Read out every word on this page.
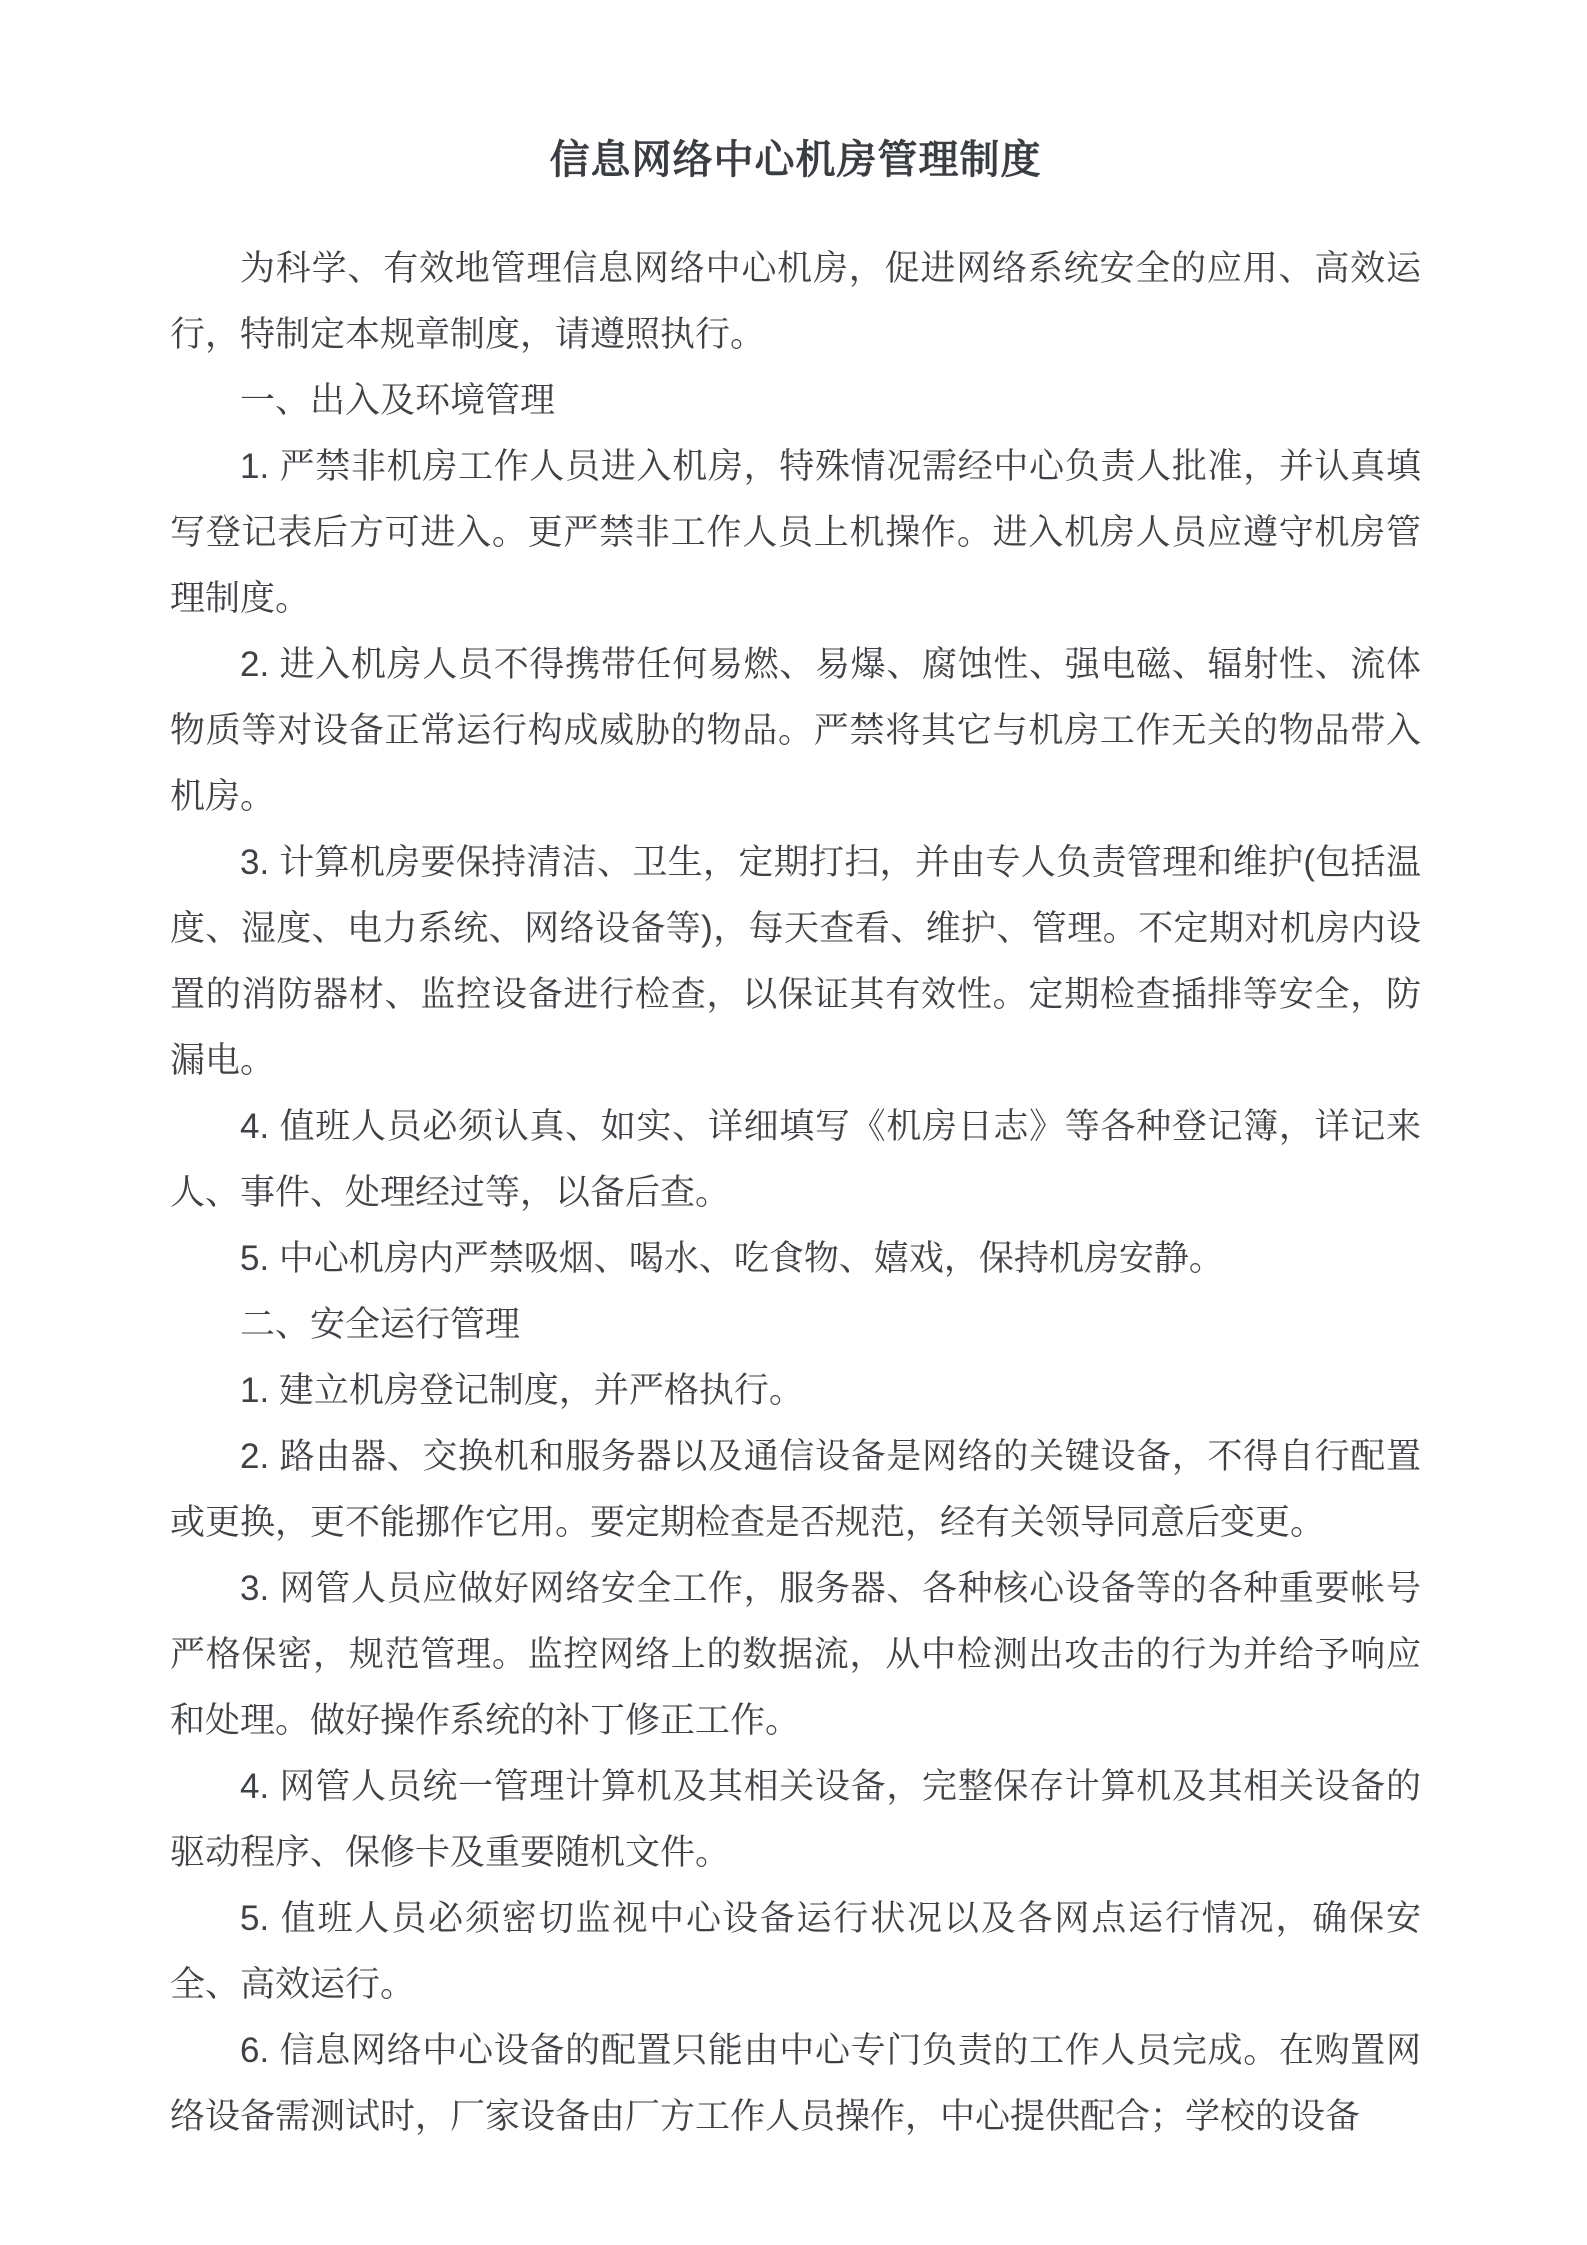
信息网络中心机房管理制度

为科学、有效地管理信息网络中心机房，促进网络系统安全的应用、高效运行，特制定本规章制度，请遵照执行。

一、出入及环境管理

1. 严禁非机房工作人员进入机房，特殊情况需经中心负责人批准，并认真填写登记表后方可进入。更严禁非工作人员上机操作。进入机房人员应遵守机房管理制度。

2. 进入机房人员不得携带任何易燃、易爆、腐蚀性、强电磁、辐射性、流体物质等对设备正常运行构成威胁的物品。严禁将其它与机房工作无关的物品带入机房。

3. 计算机房要保持清洁、卫生，定期打扫，并由专人负责管理和维护(包括温度、湿度、电力系统、网络设备等)，每天查看、维护、管理。不定期对机房内设置的消防器材、监控设备进行检查，以保证其有效性。定期检查插排等安全，防漏电。

4. 值班人员必须认真、如实、详细填写《机房日志》等各种登记簿，详记来人、事件、处理经过等，以备后查。

5. 中心机房内严禁吸烟、喝水、吃食物、嬉戏，保持机房安静。

二、安全运行管理

1. 建立机房登记制度，并严格执行。

2. 路由器、交换机和服务器以及通信设备是网络的关键设备，不得自行配置或更换，更不能挪作它用。要定期检查是否规范，经有关领导同意后变更。

3. 网管人员应做好网络安全工作，服务器、各种核心设备等的各种重要帐号严格保密，规范管理。监控网络上的数据流，从中检测出攻击的行为并给予响应和处理。做好操作系统的补丁修正工作。

4. 网管人员统一管理计算机及其相关设备，完整保存计算机及其相关设备的驱动程序、保修卡及重要随机文件。

5. 值班人员必须密切监视中心设备运行状况以及各网点运行情况，确保安全、高效运行。

6. 信息网络中心设备的配置只能由中心专门负责的工作人员完成。在购置网络设备需测试时，厂家设备由厂方工作人员操作，中心提供配合；学校的设备
